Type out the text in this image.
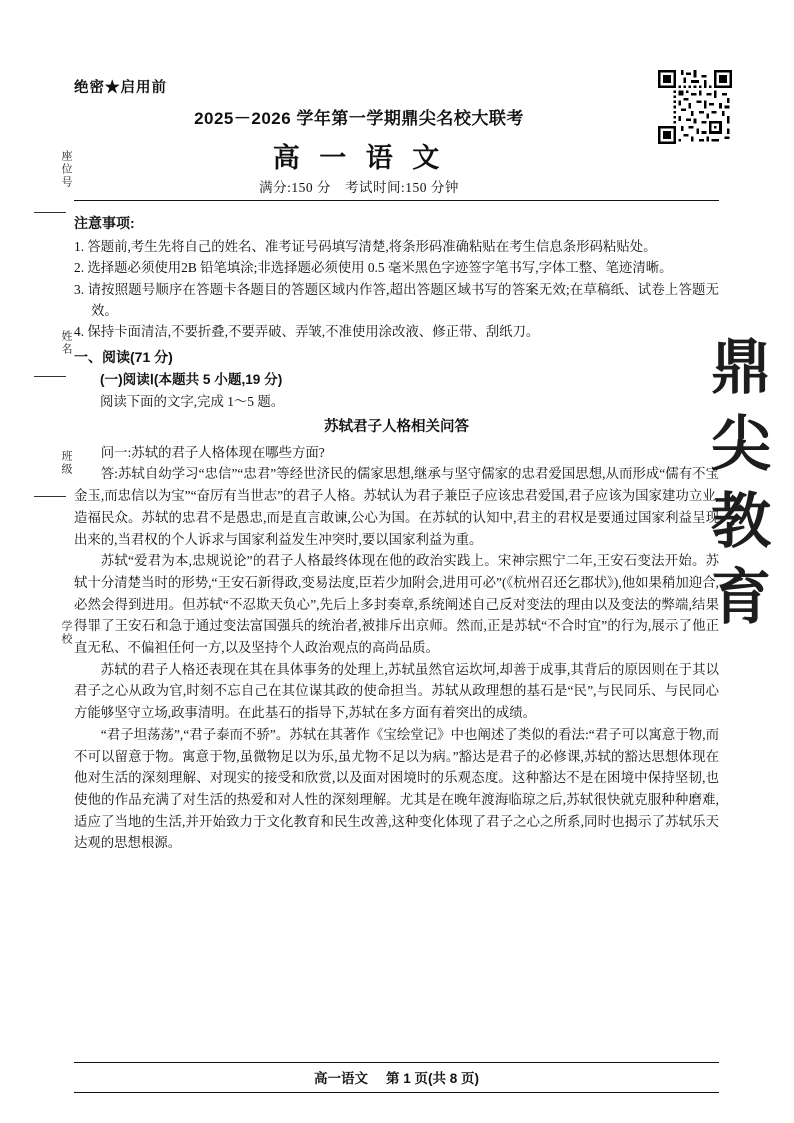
座位号
姓名
班级
学校
绝密★启用前
2025－2026 学年第一学期鼎尖名校大联考
高 一 语 文
满分:150 分　考试时间:150 分钟
鼎
尖
教
育
注意事项:

1. 答题前,考生先将自己的姓名、准考证号码填写清楚,将条形码准确粘贴在考生信息条形码粘贴处。

2. 选择题必须使用2B 铅笔填涂;非选择题必须使用 0.5 毫米黑色字迹签字笔书写,字体工整、笔迹清晰。

3. 请按照题号顺序在答题卡各题目的答题区域内作答,超出答题区域书写的答案无效;在草稿纸、试卷上答题无效。

4. 保持卡面清洁,不要折叠,不要弄破、弄皱,不准使用涂改液、修正带、刮纸刀。

一、阅读(71 分)
(一)阅读Ⅰ(本题共 5 小题,19 分)
阅读下面的文字,完成 1～5 题。
苏轼君子人格相关问答

问一:苏轼的君子人格体现在哪些方面?

答:苏轼自幼学习“忠信”“忠君”等经世济民的儒家思想,继承与坚守儒家的忠君爱国思想,从而形成“儒有不宝金玉,而忠信以为宝”“奋厉有当世志”的君子人格。苏轼认为君子兼臣子应该忠君爱国,君子应该为国家建功立业,造福民众。苏轼的忠君不是愚忠,而是直言敢谏,公心为国。在苏轼的认知中,君主的君权是要通过国家利益呈现出来的,当君权的个人诉求与国家利益发生冲突时,要以国家利益为重。

苏轼“爱君为本,忠规说论”的君子人格最终体现在他的政治实践上。宋神宗熙宁二年,王安石变法开始。苏轼十分清楚当时的形势,“王安石新得政,变易法度,臣若少加附会,进用可必”(《杭州召还乞郡状》),他如果稍加迎合,必然会得到进用。但苏轼“不忍欺天负心”,先后上多封奏章,系统阐述自己反对变法的理由以及变法的弊端,结果得罪了王安石和急于通过变法富国强兵的统治者,被排斥出京师。然而,正是苏轼“不合时宜”的行为,展示了他正直无私、不偏袒任何一方,以及坚持个人政治观点的高尚品质。

苏轼的君子人格还表现在其在具体事务的处理上,苏轼虽然官运坎坷,却善于成事,其背后的原因则在于其以君子之心从政为官,时刻不忘自己在其位谋其政的使命担当。苏轼从政理想的基石是“民”,与民同乐、与民同心方能够坚守立场,政事清明。在此基石的指导下,苏轼在多方面有着突出的成绩。

“君子坦荡荡”,“君子泰而不骄”。苏轼在其著作《宝绘堂记》中也阐述了类似的看法:“君子可以寓意于物,而不可以留意于物。寓意于物,虽微物足以为乐,虽尤物不足以为病。”豁达是君子的必修课,苏轼的豁达思想体现在他对生活的深刻理解、对现实的接受和欣赏,以及面对困境时的乐观态度。这种豁达不是在困境中保持坚韧,也使他的作品充满了对生活的热爱和对人性的深刻理解。尤其是在晚年渡海临琼之后,苏轼很快就克服种种磨难,适应了当地的生活,并开始致力于文化教育和民生改善,这种变化体现了君子之心之所系,同时也揭示了苏轼乐天达观的思想根源。

高一语文 第 1 页(共 8 页)
